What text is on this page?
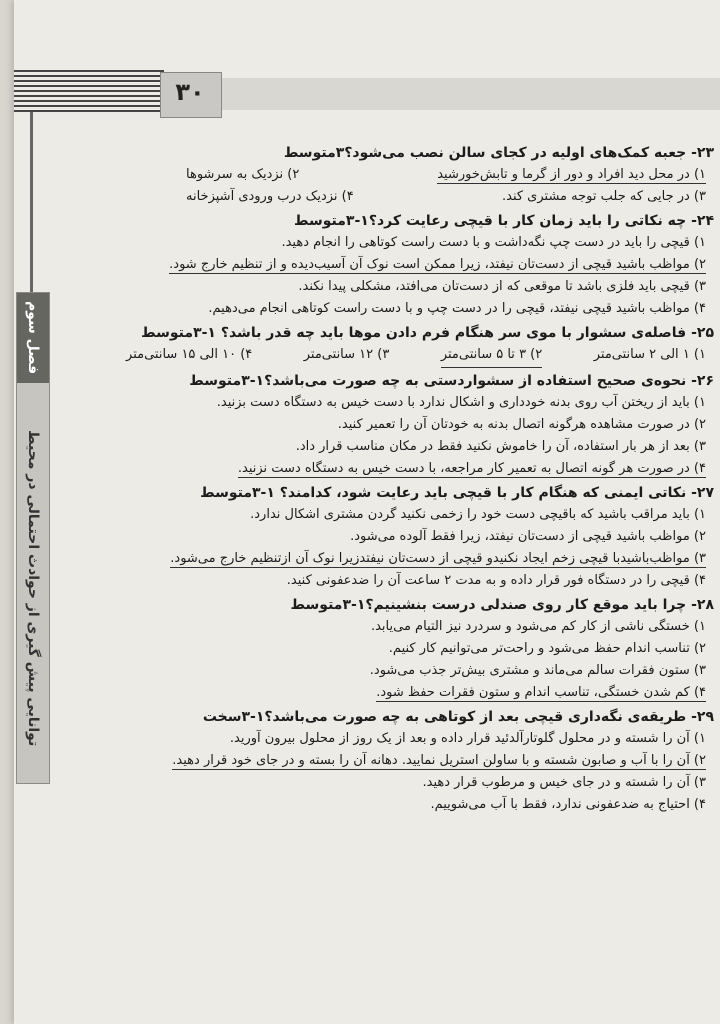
۳۰
فصل سوم
توانایی پیش گیری از حوادث احتمالی در محیط
۲۳- جعبه کمک‌های اولیه در کجای سالن نصب می‌شود؟۳متوسط
۱) در محل دید افراد و دور از گرما و تابش‌خورشید
۲) نزدیک به سرشوها
۳) در جایی که جلب توجه مشتری کند.
۴) نزدیک درب ورودی آشپزخانه
۲۴- چه نکاتی را باید زمان کار با قیچی رعایت کرد؟۱-۳متوسط
۱) قیچی را باید در دست چپ نگه‌داشت و با دست راست کوتاهی را انجام دهید.
۲) مواظب باشید قیچی از دست‌تان نیفتد، زیرا ممکن است نوک آن آسیب‌دیده و از تنظیم خارج شود.
۳) قیچی باید فلزی باشد تا موقعی که از دست‌تان می‌افتد، مشکلی پیدا نکند.
۴) مواظب باشید قیچی نیفتد، قیچی را در دست چپ و با دست راست کوتاهی انجام می‌دهیم.
۲۵- فاصله‌ی سشوار با موی سر هنگام فرم دادن موها باید چه قدر باشد؟ ۱-۳متوسط
۱) ۱ الی ۲ سانتی‌متر
۲) ۳ تا ۵ سانتی‌متر
۳) ۱۲ سانتی‌متر
۴) ۱۰ الی ۱۵ سانتی‌متر
۲۶- نحوه‌ی صحیح استفاده از سشواردستی به چه صورت می‌باشد؟۱-۳متوسط
۱) باید از ریختن آب روی بدنه خودداری و اشکال ندارد با دست خیس به دستگاه دست بزنید.
۲) در صورت مشاهده هرگونه اتصال بدنه به خودتان آن را تعمیر کنید.
۳) بعد از هر بار استفاده، آن را خاموش نکنید فقط در مکان مناسب قرار داد.
۴) در صورت هر گونه اتصال به تعمیر کار مراجعه، با دست خیس به دستگاه دست نزنید.
۲۷- نکاتی ایمنی که هنگام کار با قیچی باید رعایت شود، کدامند؟ ۱-۳متوسط
۱) باید مراقب باشید که باقیچی دست خود را زخمی نکنید گردن مشتری اشکال ندارد.
۲) مواظب باشید قیچی از دست‌تان نیفتد، زیرا فقط آلوده می‌شود.
۳) مواظب‌باشیدبا قیچی زخم ایجاد نکنیدو قیچی از دست‌تان نیفتدزیرا نوک آن ازتنظیم خارج می‌شود.
۴) قیچی را در دستگاه فور قرار داده و به مدت ۲ ساعت آن را ضدعفونی کنید.
۲۸- چرا باید موقع کار روی صندلی درست بنشینیم؟۱-۳متوسط
۱) خستگی ناشی از کار کم می‌شود و سردرد نیز التیام می‌یابد.
۲) تناسب اندام حفظ می‌شود و راحت‌تر می‌توانیم کار کنیم.
۳) ستون فقرات سالم می‌ماند و مشتری بیش‌تر جذب می‌شود.
۴) کم شدن خستگی، تناسب اندام و ستون فقرات حفظ شود.
۲۹- طریقه‌ی نگه‌داری قیچی بعد از کوتاهی به چه صورت می‌باشد؟۱-۳سخت
۱) آن را شسته و در محلول گلوتارآلدئید قرار داده و بعد از یک روز از محلول بیرون آورید.
۲) آن را با آب و صابون شسته و با ساولن استریل نمایید. دهانه آن را بسته و در جای خود قرار دهید.
۳) آن را شسته و در جای خیس و مرطوب قرار دهید.
۴) احتیاج به ضدعفونی ندارد، فقط با آب می‌شوییم.
